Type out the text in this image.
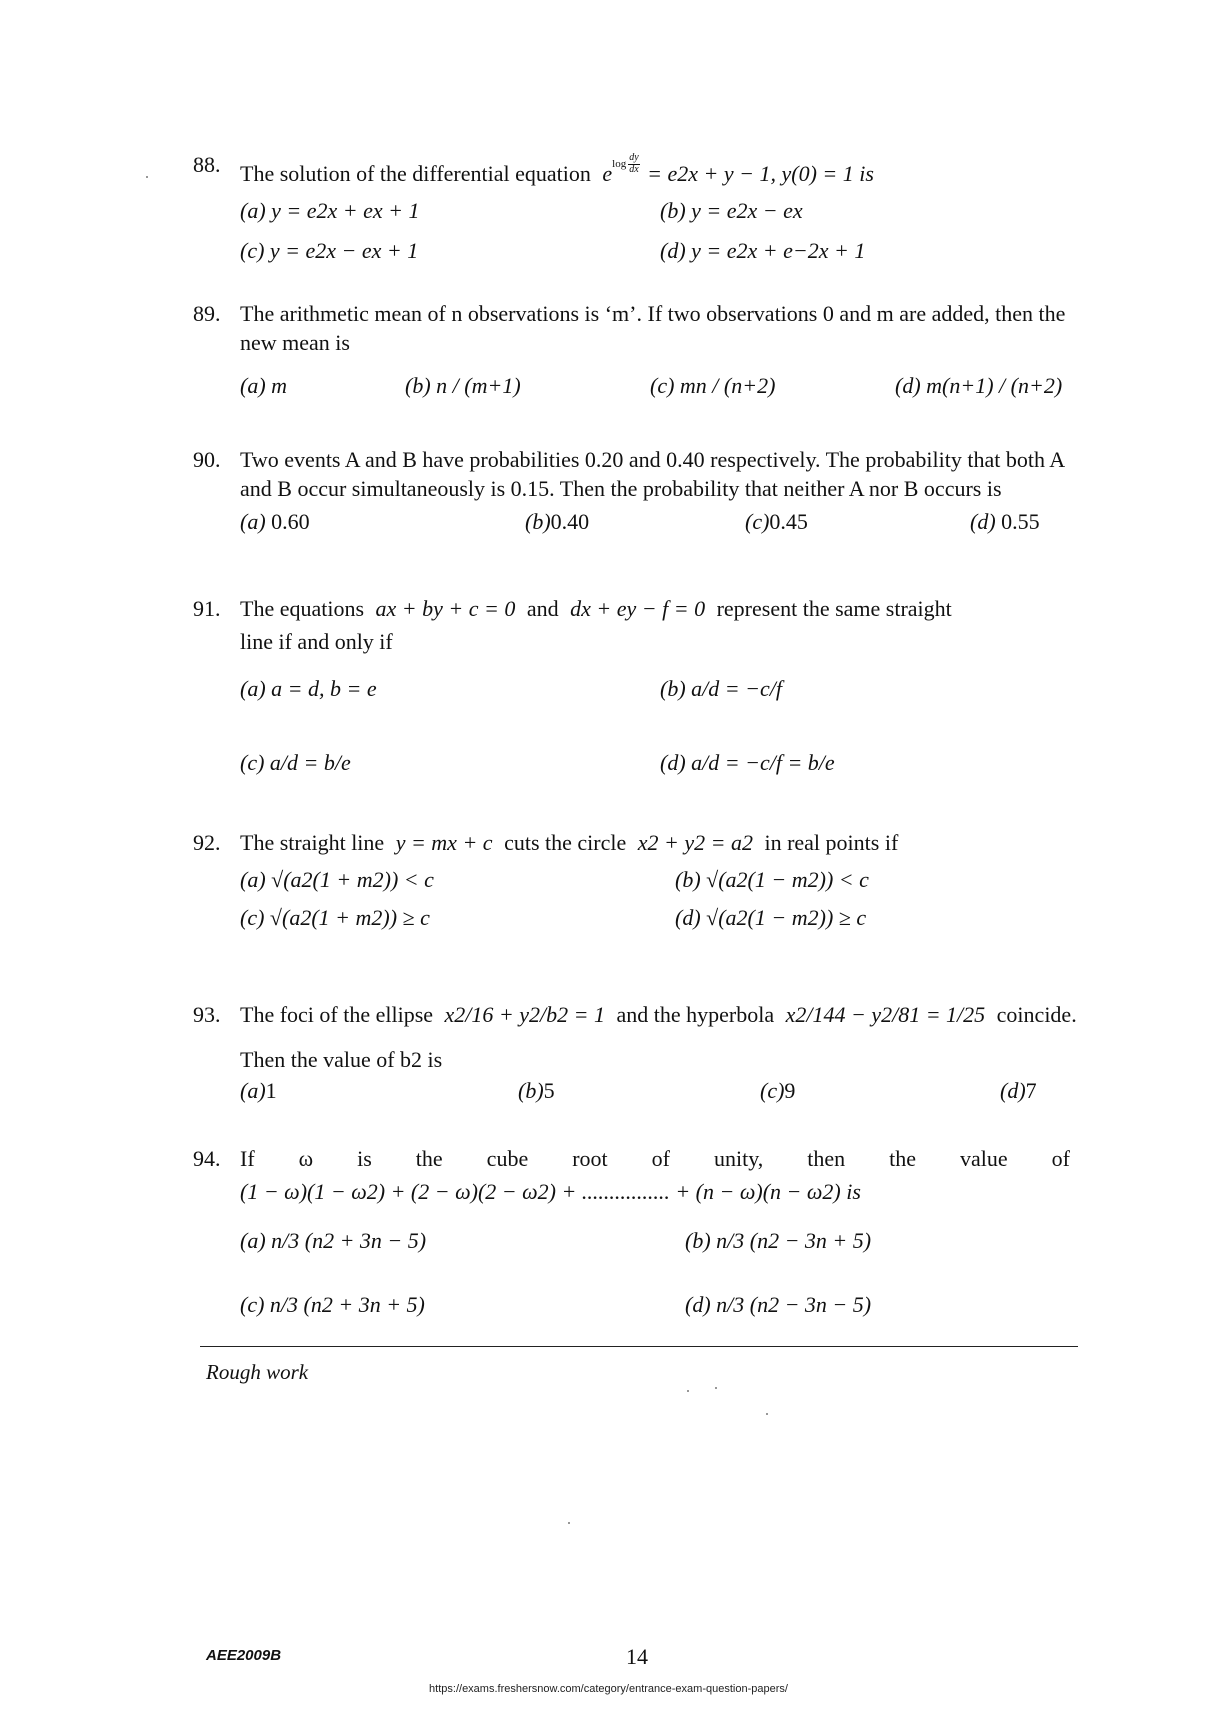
88. The solution of the differential equation $e^{log \frac{dy}{dx}} = e2x + y - 1$, y(0) = 1 is
(a) y = e2x + ex + 1	(b) y = e2x − ex
(c) y = e2x − ex + 1	(d) y = e2x + e−2x + 1
89. The arithmetic mean of n observations is ‘m’. If two observations 0 and m are added, then the new mean is
(a) m	(b) n / (m+1)	(c) mn / (n+2)	(d) m(n+1) / (n+2)
90. Two events A and B have probabilities 0.20 and 0.40 respectively. The probability that both A and B occur simultaneously is 0.15. Then the probability that neither A nor B occurs is
(a) 0.60	(b)0.40	(c)0.45	(d) 0.55
91. The equations ax + by + c = 0 and dx + ey − f = 0 represent the same straight
line if and only if
(a) a = d, b = e	(b) a/d = −c/f
(c) a/d = b/e	(d) a/d = −c/f = b/e
92. The straight line y = mx + c cuts the circle x2 + y2 = a2 in real points if
(a) √(a2(1 + m2)) < c	(b) √(a2(1 − m2)) < c
(c) √(a2(1 + m2)) ≥ c	(d) √(a2(1 − m2)) ≥ c
93. The foci of the ellipse x2/16 + y2/b2 = 1 and the hyperbola x2/144 − y2/81 = 1/25 coincide.
Then the value of b2 is
(a)1	(b)5	(c)9	(d)7
94. If ω is the cube root of unity, then the value of
(1 − ω)(1 − ω2) + (2 − ω)(2 − ω2) + ................ + (n − ω)(n − ω2) is
(a) n/3 (n2 + 3n − 5)	(b) n/3 (n2 − 3n + 5)
(c) n/3 (n2 + 3n + 5)	(d) n/3 (n2 − 3n − 5)
Rough work
AEE2009B	14
https://exams.freshersnow.com/category/entrance-exam-question-papers/
